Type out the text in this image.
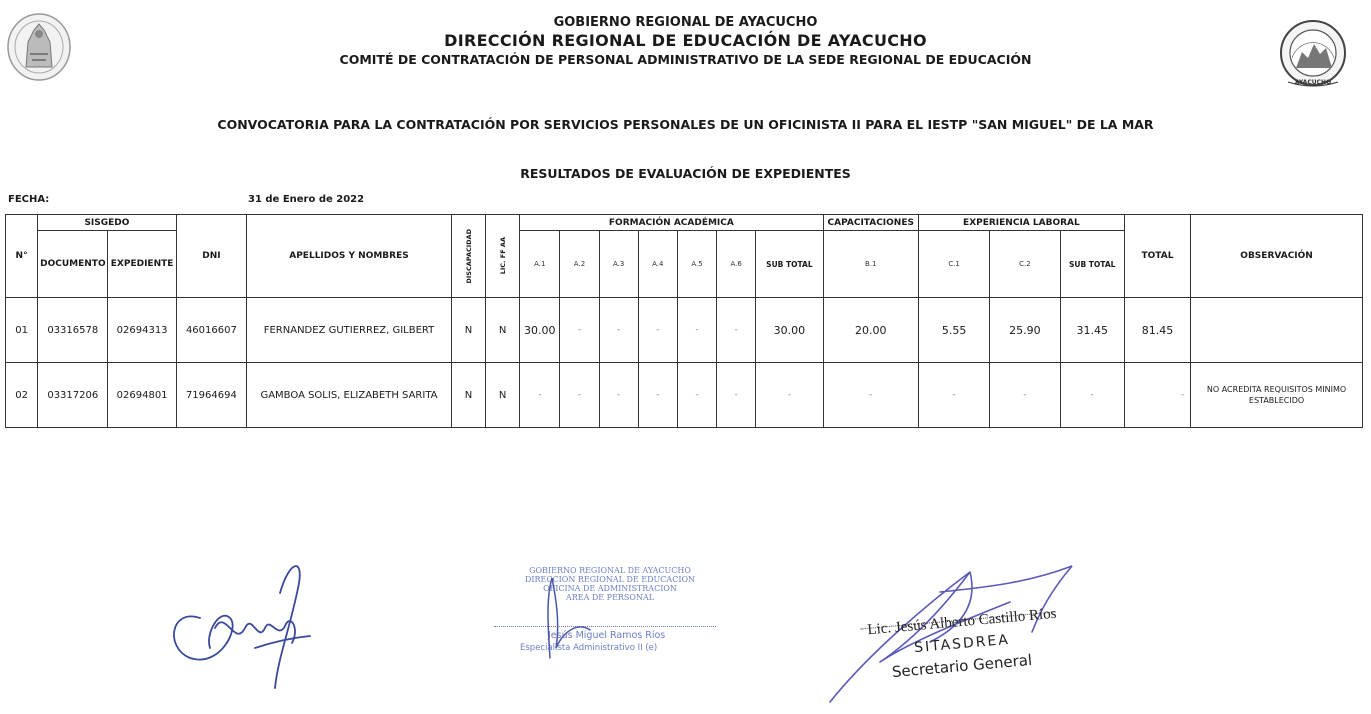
AYACUCHO
GOBIERNO REGIONAL DE AYACUCHO
DIRECCIÓN REGIONAL DE EDUCACIÓN DE AYACUCHO
COMITÉ DE CONTRATACIÓN DE PERSONAL ADMINISTRATIVO DE LA SEDE REGIONAL DE EDUCACIÓN
CONVOCATORIA PARA LA CONTRATACIÓN POR SERVICIOS PERSONALES DE UN OFICINISTA II PARA EL IESTP "SAN MIGUEL" DE LA MAR
RESULTADOS DE EVALUACIÓN DE EXPEDIENTES
FECHA:	31 de Enero de 2022
N°	SISGEDO		DNI	APELLIDOS Y NOMBRES	DISCAPACIDAD	LIC. FF AA	FORMACIÓN ACADÉMICA							CAPACITACIONES	EXPERIENCIA LABORAL			TOTAL	OBSERVACIÓN
	DOCUMENTO	EXPEDIENTE					A.1	A.2	A.3	A.4	A.5	A.6	SUB TOTAL	B.1	C.1	C.2	SUB TOTAL		
01	03316578	02694313	46016607	FERNANDEZ GUTIERREZ, GILBERT	N	N	30.00	-	-	-	-	-	30.00	20.00	5.55	25.90	31.45	81.45	
02	03317206	02694801	71964694	GAMBOA SOLIS, ELIZABETH SARITA	N	N	-	-	-	-	-	-	-	-	-	-	-	-	NO ACREDITA REQUISITOS MINIMO ESTABLECIDO
GOBIERNO REGIONAL DE AYACUCHO
DIRECCION REGIONAL DE EDUCACION
OFICINA DE ADMINISTRACION
AREA DE PERSONAL
Jesús Miguel Ramos Ríos
Especialista Administrativo II (e)
Lic. Jesús Alberto Castillo Ríos
SITASDREA
Secretario General
